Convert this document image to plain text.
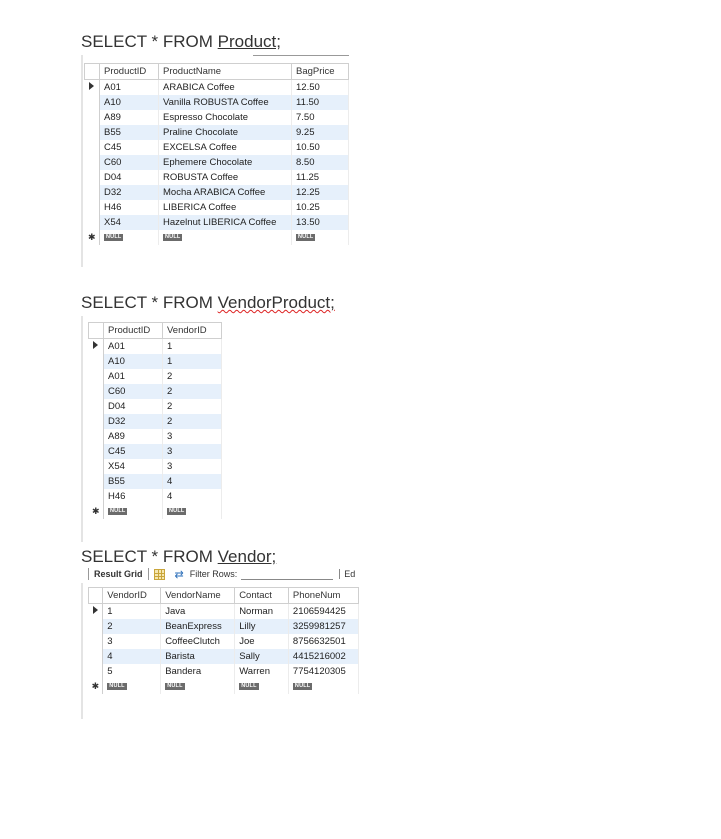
SELECT * FROM Product;
	ProductID	ProductName	BagPrice
	A01	ARABICA Coffee	12.50
	A10	Vanilla ROBUSTA Coffee	11.50
	A89	Espresso Chocolate	7.50
	B55	Praline Chocolate	9.25
	C45	EXCELSA Coffee	10.50
	C60	Ephemere Chocolate	8.50
	D04	ROBUSTA Coffee	11.25
	D32	Mocha ARABICA Coffee	12.25
	H46	LIBERICA Coffee	10.25
	X54	Hazelnut LIBERICA Coffee	13.50
✱	NULL	NULL	NULL
SELECT * FROM VendorProduct;
	ProductID	VendorID
	A01	1
	A10	1
	A01	2
	C60	2
	D04	2
	D32	2
	A89	3
	C45	3
	X54	3
	B55	4
	H46	4
✱	NULL	NULL
SELECT * FROM Vendor;
Result Grid	⇄ Filter Rows:	Ed
	VendorID	VendorName	Contact	PhoneNum
	1	Java	Norman	2106594425
	2	BeanExpress	Lilly	3259981257
	3	CoffeeClutch	Joe	8756632501
	4	Barista	Sally	4415216002
	5	Bandera	Warren	7754120305
✱	NULL	NULL	NULL	NULL
